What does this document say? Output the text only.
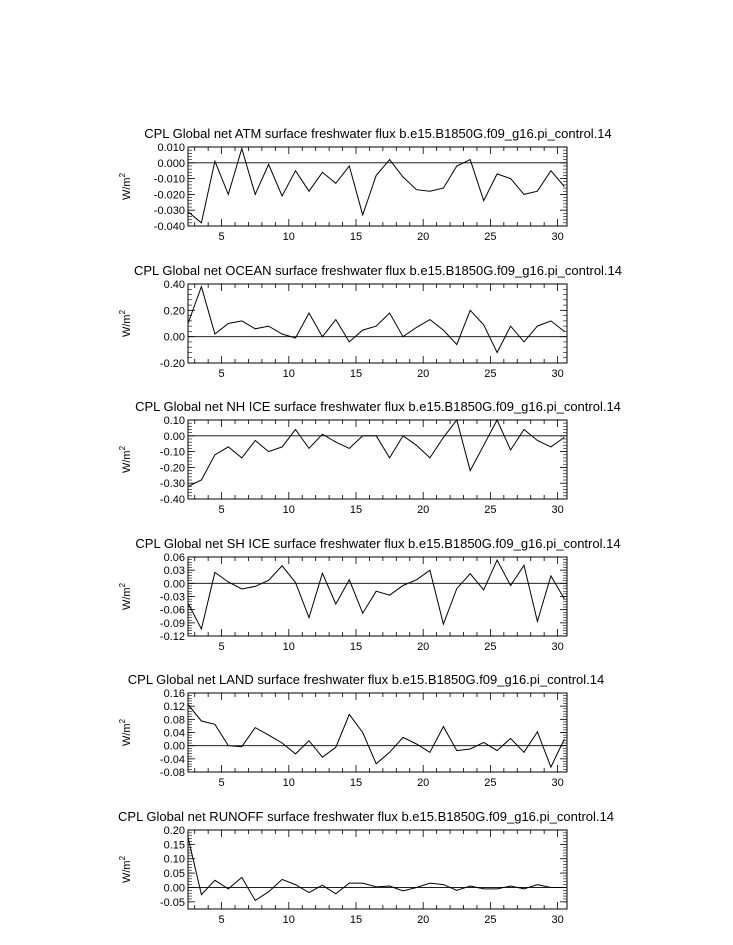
CPL Global net ATM surface freshwater flux b.e15.B1850G.f09_g16.pi_control.14
5	10	15	20	25	30
-0.040
-0.030
-0.020
-0.010
0.000
0.010
$W/m^2$
CPL Global net OCEAN surface freshwater flux b.e15.B1850G.f09_g16.pi_control.14
5	10	15	20	25	30
-0.20
0.00
0.20
0.40
$W/m^2$
CPL Global net NH ICE surface freshwater flux b.e15.B1850G.f09_g16.pi_control.14
5	10	15	20	25	30
-0.40
-0.30
-0.20
-0.10
0.00
0.10
$W/m^2$
CPL Global net SH ICE surface freshwater flux b.e15.B1850G.f09_g16.pi_control.14
5	10	15	20	25	30
-0.12
-0.09
-0.06
-0.03
0.00
0.03
0.06
$W/m^2$
CPL Global net LAND surface freshwater flux b.e15.B1850G.f09_g16.pi_control.14
5	10	15	20	25	30
-0.08
-0.04
0.00
0.04
0.08
0.12
0.16
$W/m^2$
CPL Global net RUNOFF surface freshwater flux b.e15.B1850G.f09_g16.pi_control.14
5	10	15	20	25	30
-0.05
0.00
0.05
0.10
0.15
0.20
$W/m^2$
